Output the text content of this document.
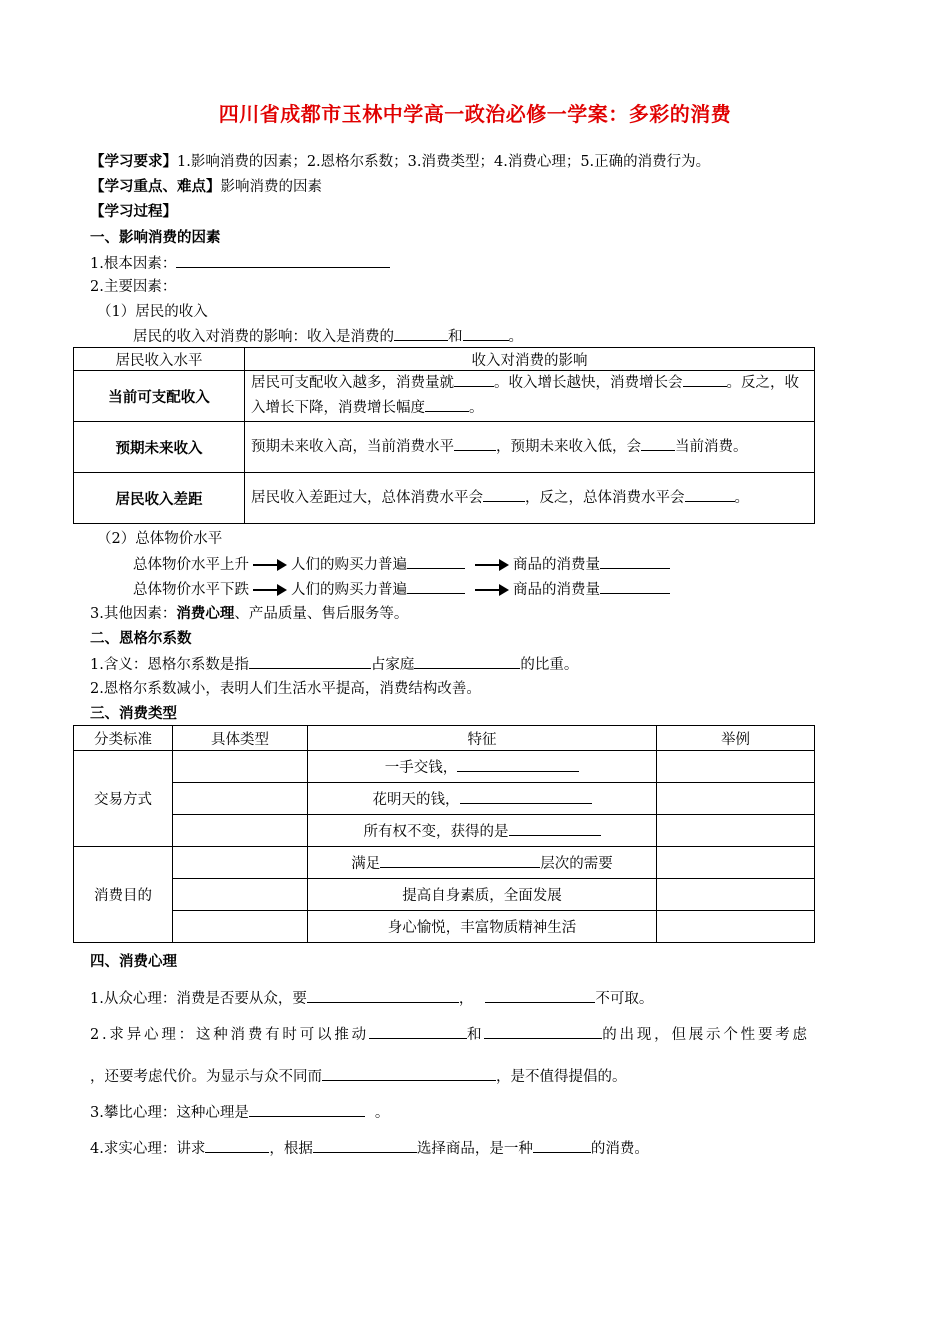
四川省成都市玉林中学高一政治必修一学案：多彩的消费
【学习要求】1.影响消费的因素；2.恩格尔系数；3.消费类型；4.消费心理；5.正确的消费行为。
【学习重点、难点】影响消费的因素
【学习过程】
一、影响消费的因素
1.根本因素：
2.主要因素：
（1）居民的收入
居民的收入对消费的影响：收入是消费的	和	。
居民收入水平	收入对消费的影响
当前可支配收入	居民可支配收入越多，消费量就 。收入增长越快，消费增长会 。反之，收入增长下降，消费增长幅度 。
预期未来收入	预期未来收入高，当前消费水平 ，预期未来收入低，会 当前消费。
居民收入差距	居民收入差距过大，总体消费水平会 ，反之，总体消费水平会 。
（2）总体物价水平
总体物价水平上升	人们的购买力普遍	商品的消费量
总体物价水平下跌	人们的购买力普遍	商品的消费量
3.其他因素：消费心理、产品质量、售后服务等。
二、恩格尔系数
1.含义：恩格尔系数是指	占家庭	的比重。
2.恩格尔系数减小，表明人们生活水平提高，消费结构改善。
三、消费类型
分类标准	具体类型	特征	举例
交易方式		一手交钱，	
		花明天的钱，	
		所有权不变，获得的是	
消费目的		满足 层次的需要	
		提高自身素质，全面发展	
		身心愉悦，丰富物质精神生活	
四、消费心理
1.从众心理：消费是否要从众，要	，	不可取。
2.求异心理：这种消费有时可以推动	和	的出现，但展示个性要考虑
，还要考虑代价。为显示与众不同而	，是不值得提倡的。
3.攀比心理：这种心理是	。
4.求实心理：讲求	，根据	选择商品，是一种	的消费。
